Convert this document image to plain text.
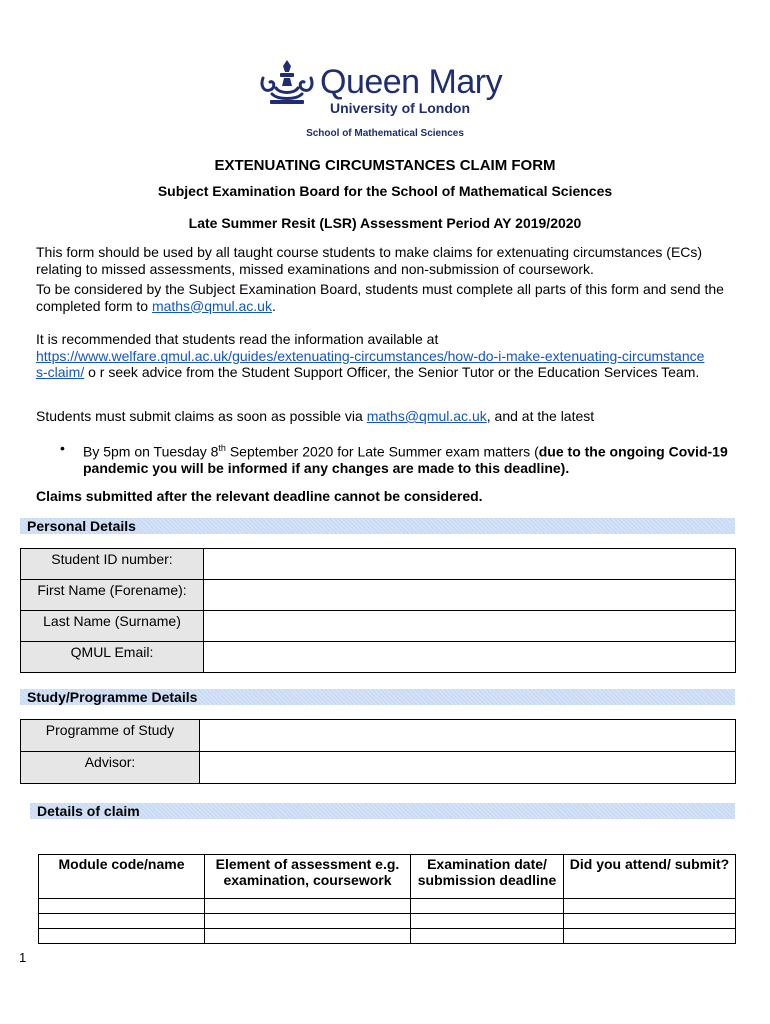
Queen Mary
University of London
School of Mathematical Sciences
EXTENUATING CIRCUMSTANCES CLAIM FORM
Subject Examination Board for the School of Mathematical Sciences
Late Summer Resit (LSR) Assessment Period AY 2019/2020
This form should be used by all taught course students to make claims for extenuating circumstances (ECs) relating to missed assessments, missed examinations and non-submission of coursework.
To be considered by the Subject Examination Board, students must complete all parts of this form and send the completed form to maths@qmul.ac.uk.
It is recommended that students read the information available at
https://www.welfare.qmul.ac.uk/guides/extenuating-circumstances/how-do-i-make-extenuating-circumstances-claim/ o r seek advice from the Student Support Officer, the Senior Tutor or the Education Services Team.
Students must submit claims as soon as possible via maths@qmul.ac.uk, and at the latest
• By 5pm on Tuesday 8th September 2020 for Late Summer exam matters (due to the ongoing Covid-19 pandemic you will be informed if any changes are made to this deadline).
Claims submitted after the relevant deadline cannot be considered.
Personal Details
Student ID number:	
First Name (Forename):	
Last Name (Surname)	
QMUL Email:	
Study/Programme Details
Programme of Study	
Advisor:	
Details of claim
Module code/name	Element of assessment e.g. examination, coursework	Examination date/ submission deadline	Did you attend/ submit?

1
